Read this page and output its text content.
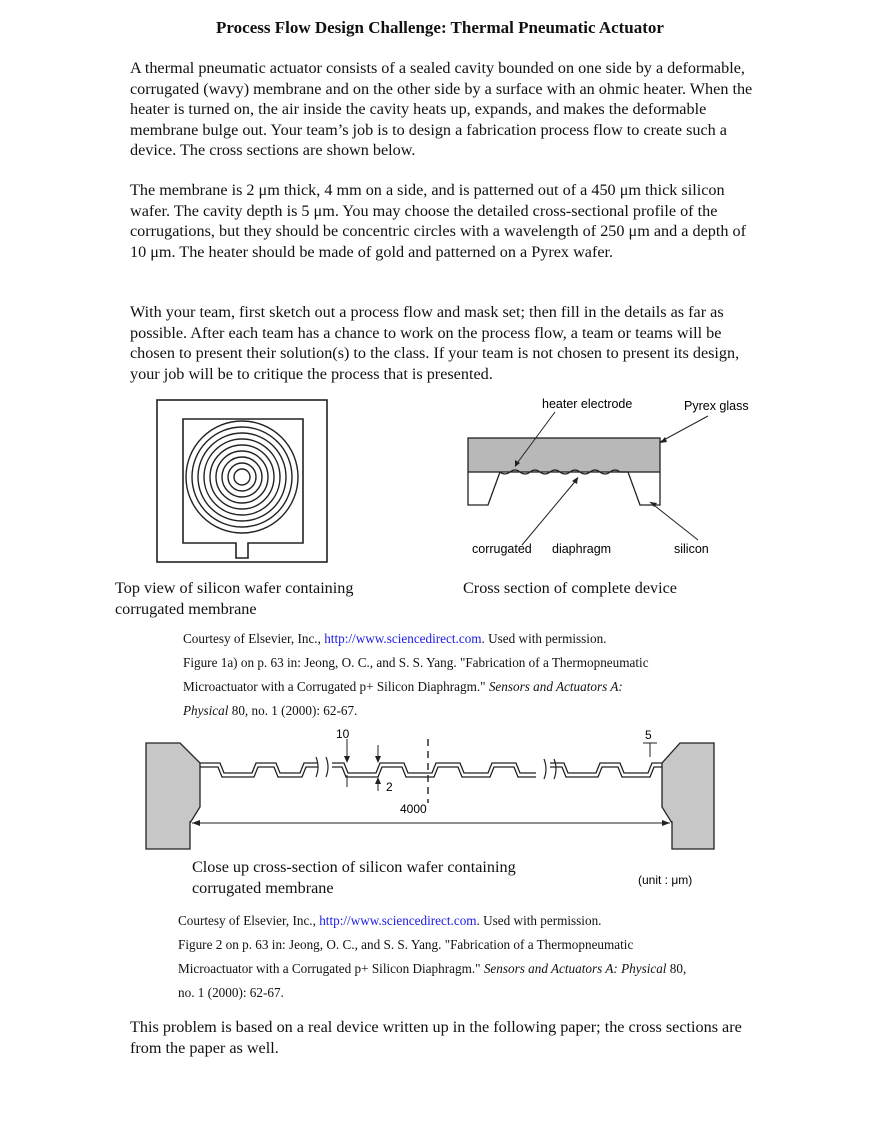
Process Flow Design Challenge: Thermal Pneumatic Actuator

A thermal pneumatic actuator consists of a sealed cavity bounded on one side by a deformable, corrugated (wavy) membrane and on the other side by a surface with an ohmic heater. When the heater is turned on, the air inside the cavity heats up, expands, and makes the deformable membrane bulge out. Your team’s job is to design a fabrication process flow to create such a device. The cross sections are shown below.

The membrane is 2 μm thick, 4 mm on a side, and is patterned out of a 450 μm thick silicon wafer. The cavity depth is 5 μm. You may choose the detailed cross-sectional profile of the corrugations, but they should be concentric circles with a wavelength of 250 μm and a depth of 10 μm. The heater should be made of gold and patterned on a Pyrex wafer.

With your team, first sketch out a process flow and mask set; then fill in the details as far as possible. After each team has a chance to work on the process flow, a team or teams will be chosen to present their solution(s) to the class. If your team is not chosen to present its design, your job will be to critique the process that is presented.

heater electrode	Pyrex glass
corrugated diaphragm	silicon
Top view of silicon wafer containing corrugated membrane
Cross section of complete device
Courtesy of Elsevier, Inc., http://www.sciencedirect.com. Used with permission.
Figure 1a) on p. 63 in: Jeong, O. C., and S. S. Yang. "Fabrication of a Thermopneumatic
Microactuator with a Corrugated p+ Silicon Diaphragm." Sensors and Actuators A:
Physical 80, no. 1 (2000): 62-67.
10
2
5
4000
(unit : μm)
Close up cross-section of silicon wafer containing corrugated membrane
Courtesy of Elsevier, Inc., http://www.sciencedirect.com. Used with permission.
Figure 2 on p. 63 in: Jeong, O. C., and S. S. Yang. "Fabrication of a Thermopneumatic
Microactuator with a Corrugated p+ Silicon Diaphragm." Sensors and Actuators A: Physical 80,
no. 1 (2000): 62-67.

This problem is based on a real device written up in the following paper; the cross sections are from the paper as well.
